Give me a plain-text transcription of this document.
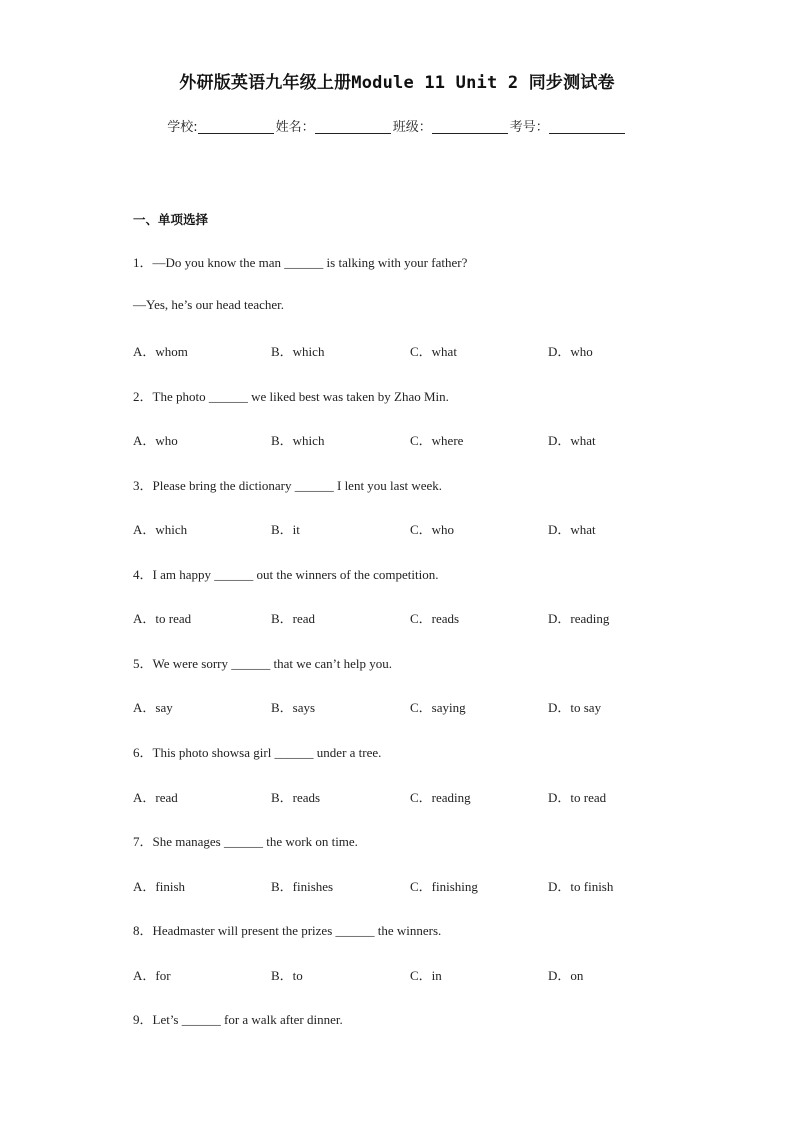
外研版英语九年级上册Module 11 Unit 2 同步测试卷
学校:	姓名：	班级：	考号：
一、单项选择
1．—Do you know the man ______ is talking with your father?
—Yes, he’s our head teacher.
A．whom	B．which	C．what	D．who
2．The photo ______ we liked best was taken by Zhao Min.
A．who	B．which	C．where	D．what
3．Please bring the dictionary ______ I lent you last week.
A．which	B．it	C．who	D．what
4．I am happy ______ out the winners of the competition.
A．to read	B．read	C．reads	D．reading
5．We were sorry ______ that we can’t help you.
A．say	B．says	C．saying	D．to say
6．This photo showsa girl ______ under a tree.
A．read	B．reads	C．reading	D．to read
7．She manages ______ the work on time.
A．finish	B．finishes	C．finishing	D．to finish
8．Headmaster will present the prizes ______ the winners.
A．for	B．to	C．in	D．on
9．Let’s ______ for a walk after dinner.
